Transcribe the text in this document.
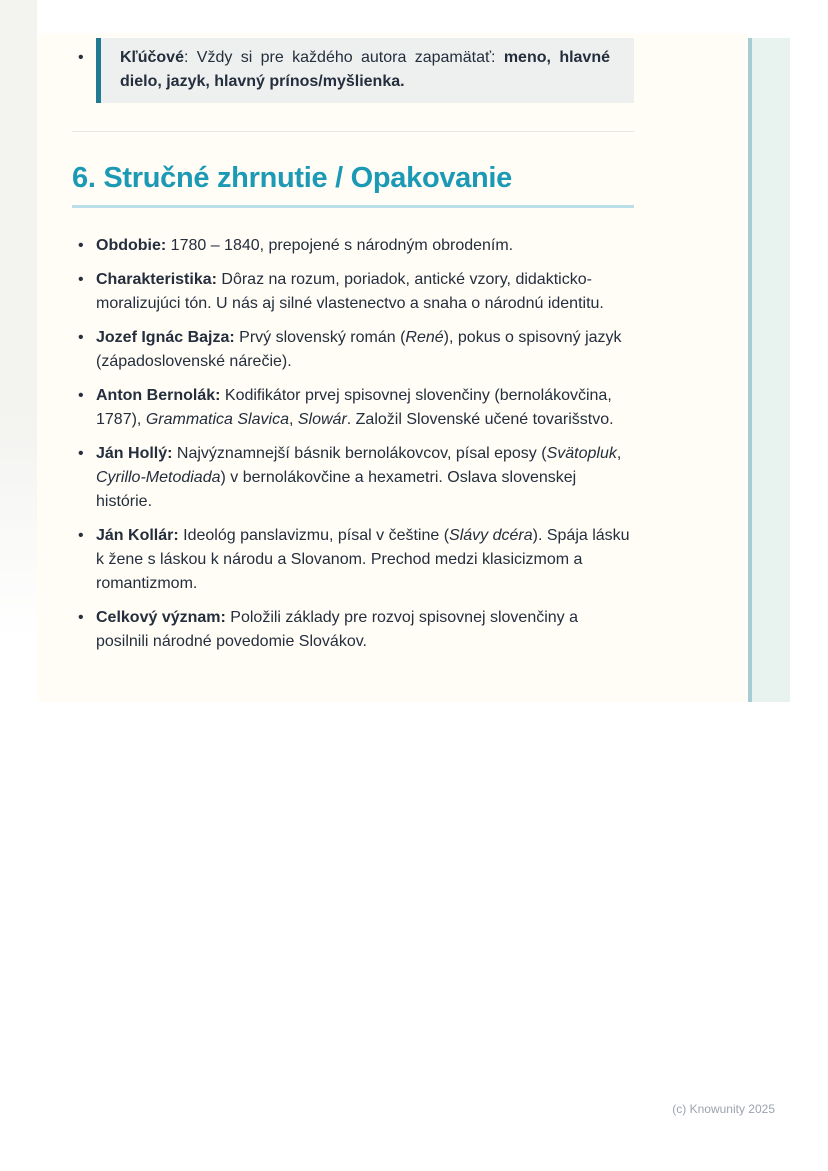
• Kľúčové: Vždy si pre každého autora zapamätať: meno, hlavné dielo, jazyk, hlavný prínos/myšlienka.

6. Stručné zhrnutie / Opakovanie
• Obdobie: 1780 – 1840, prepojené s národným obrodením.

• Charakteristika: Dôraz na rozum, poriadok, antické vzory, didakticko-moralizujúci tón. U nás aj silné vlastenectvo a snaha o národnú identitu.

• Jozef Ignác Bajza: Prvý slovenský román (René), pokus o spisovný jazyk (západoslovenské nárečie).

• Anton Bernolák: Kodifikátor prvej spisovnej slovenčiny (bernolákovčina, 1787), Grammatica Slavica, Slowár. Založil Slovenské učené tovarišstvo.

• Ján Hollý: Najvýznamnejší básnik bernolákovcov, písal eposy (Svätopluk, Cyrillo-Metodiada) v bernolákovčine a hexametri. Oslava slovenskej histórie.

• Ján Kollár: Ideológ panslavizmu, písal v češtine (Slávy dcéra). Spája lásku k žene s láskou k národu a Slovanom. Prechod medzi klasicizmom a romantizmom.

• Celkový význam: Položili základy pre rozvoj spisovnej slovenčiny a posilnili národné povedomie Slovákov.

(c) Knowunity 2025
